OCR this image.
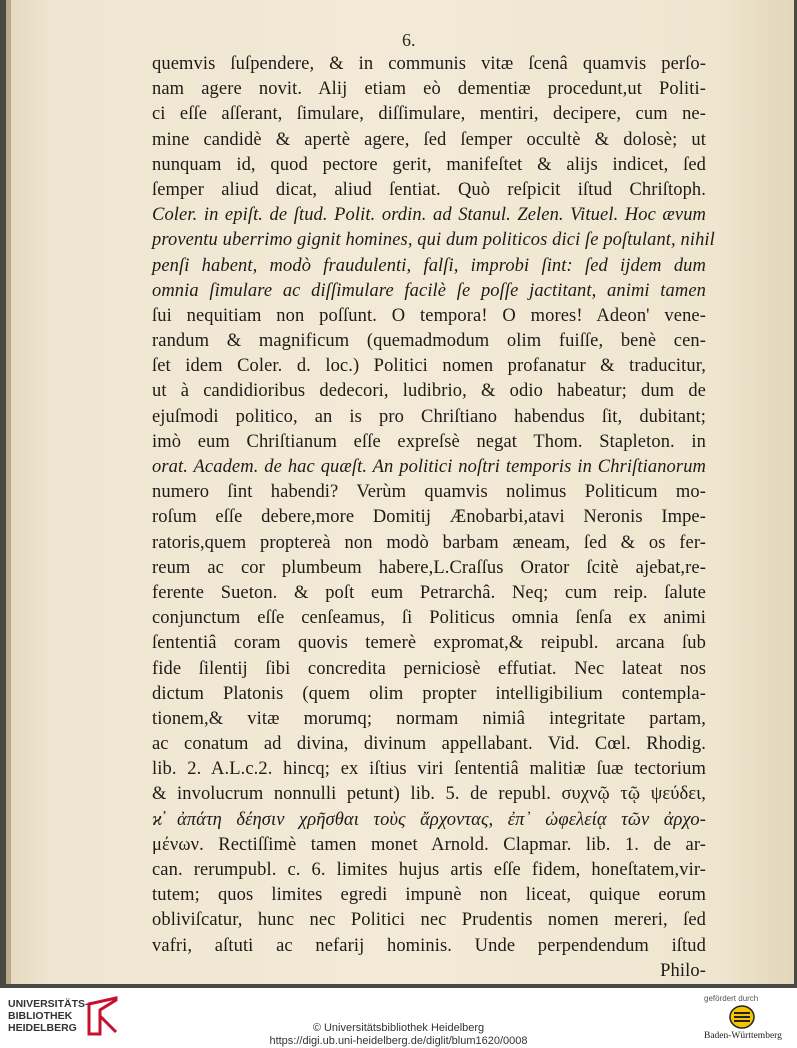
6.
quemvis ſuſpendere, & in communis vitæ ſcenâ quamvis perſo-
nam agere novit. Alij etiam eò dementiæ procedunt,ut Politi-
ci eſſe aſſerant, ſimulare, diſſimulare, mentiri, decipere, cum ne-
mine candidè & apertè agere, ſed ſemper occultè & dolosè; ut
nunquam id, quod pectore gerit, manifeſtet & alijs indicet, ſed
ſemper aliud dicat, aliud ſentiat. Quò reſpicit iſtud Chriſtoph.
Coler. in epiſt. de ſtud. Polit. ordin. ad Stanul. Zelen. Vituel. Hoc ævum
proventu uberrimo gignit homines, qui dum politicos dici ſe poſtulant, nihil
penſi habent, modò fraudulenti, falſi, improbi ſint: ſed ijdem dum
omnia ſimulare ac diſſimulare facilè ſe poſſe jactitant, animi tamen
ſui nequitiam non poſſunt. O tempora! O mores! Adeon' vene-
randum & magnificum (quemadmodum olim fuiſſe, benè cen-
ſet idem Coler. d. loc.) Politici nomen profanatur & traducitur,
ut à candidioribus dedecori, ludibrio, & odio habeatur; dum de
ejuſmodi politico, an is pro Chriſtiano habendus ſit, dubitant;
imò eum Chriſtianum eſſe expreſsè negat Thom. Stapleton. in
orat. Academ. de hac quæſt. An politici noſtri temporis in Chriſtianorum
numero ſint habendi? Verùm quamvis nolimus Politicum mo-
roſum eſſe debere,more Domitij Ænobarbi,atavi Neronis Impe-
ratoris,quem proptereà non modò barbam æneam, ſed & os fer-
reum ac cor plumbeum habere,L.Craſſus Orator ſcitè ajebat,re-
ferente Sueton. & poſt eum Petrarchâ. Neq; cum reip. ſalute
conjunctum eſſe cenſeamus, ſi Politicus omnia ſenſa ex animi
ſententiâ coram quovis temerè expromat,& reipubl. arcana ſub
fide ſilentij ſibi concredita perniciosè effutiat. Nec lateat nos
dictum Platonis (quem olim propter intelligibilium contempla-
tionem,& vitæ morumq; normam nimiâ integritate partam,
ac conatum ad divina, divinum appellabant. Vid. Cœl. Rhodig.
lib. 2. A.L.c.2. hincq; ex iſtius viri ſententiâ malitiæ ſuæ tectorium
& involucrum nonnulli petunt) lib. 5. de republ. συχνῷ τῷ ψεύδει,
ϰ̓ ἀπάτη δέησιν χρῆσθαι τοὺς ἄρχοντας, ἐπ᾽ ὠφελείᾳ τῶν ἀρχο-
μένων. Rectiſſimè tamen monet Arnold. Clapmar. lib. 1. de ar-
can. rerumpubl. c. 6. limites hujus artis eſſe fidem, honeſtatem,vir-
tutem; quos limites egredi impunè non liceat, quique eorum
obliviſcatur, hunc nec Politici nec Prudentis nomen mereri, ſed
vafri, aſtuti ac nefarij hominis. Unde perpendendum iſtud
Philo-
UNIVERSITÄTS-
BIBLIOTHEK
HEIDELBERG	© Universitätsbibliothek Heidelberg
https://digi.ub.uni-heidelberg.de/diglit/blum1620/0008
gefördert durch
Baden-Württemberg
